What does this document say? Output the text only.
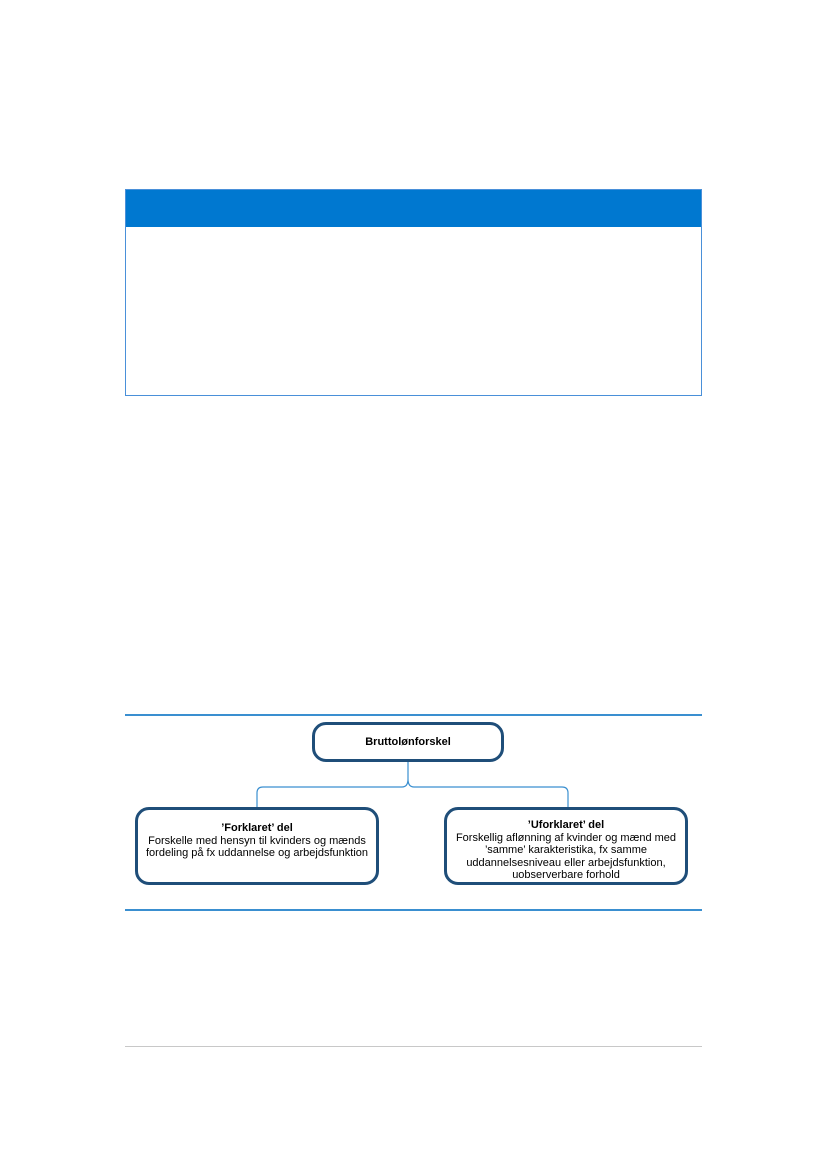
Bruttolønforskel
’Forklaret’ del
Forskelle med hensyn til kvinders og mænds fordeling på fx uddannelse og arbejdsfunktion
’Uforklaret’ del
Forskellig aflønning af kvinder og mænd med ’samme’ karakteristika, fx samme uddannelsesniveau eller arbejdsfunktion, uobserverbare forhold
